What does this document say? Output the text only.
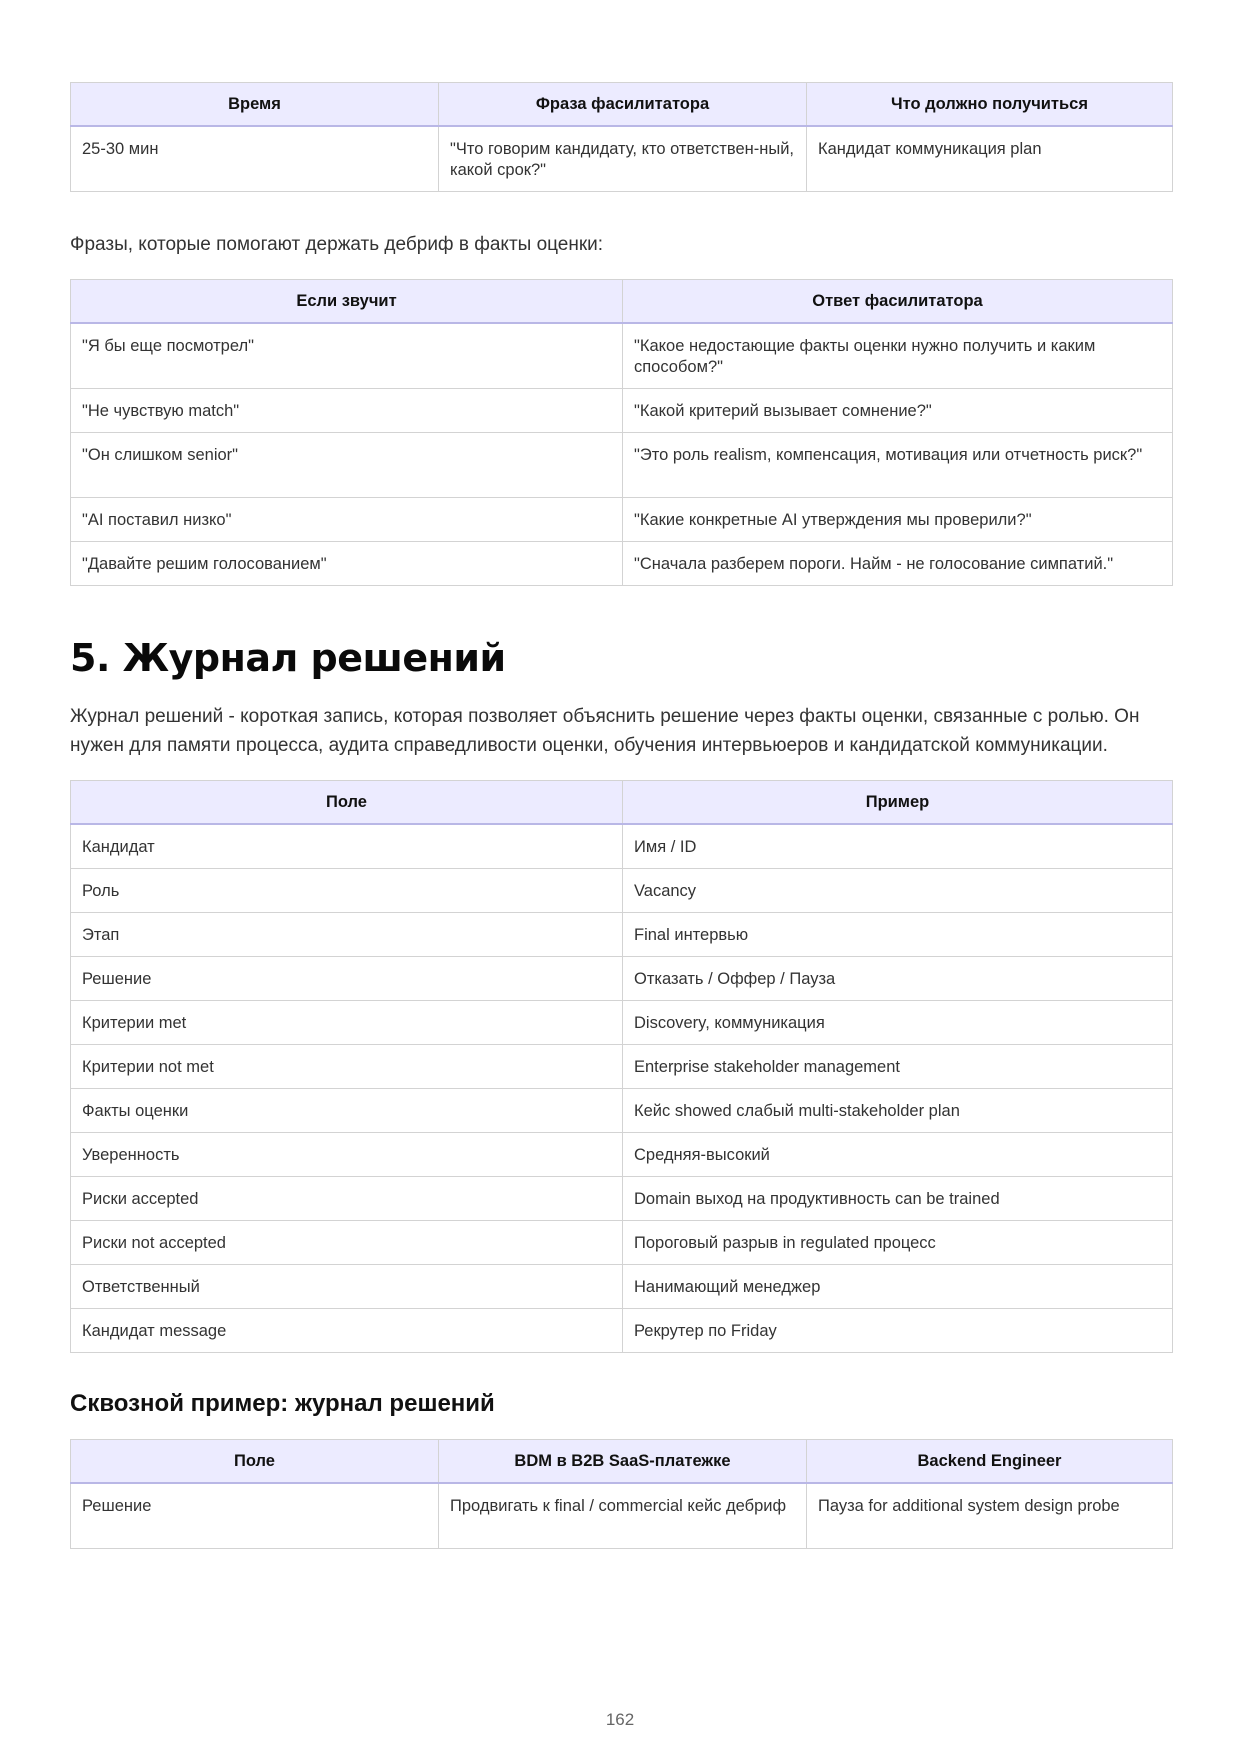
Время	Фраза фасилитатора	Что должно получиться
25-30 мин	"Что говорим кандидату, кто ответствен-ный, какой срок?"	Кандидат коммуникация plan

Фразы, которые помогают держать дебриф в факты оценки:

Если звучит	Ответ фасилитатора
"Я бы еще посмотрел"	"Какое недостающие факты оценки нужно получить и каким способом?"
"Не чувствую match"	"Какой критерий вызывает сомнение?"
"Он слишком senior"	"Это роль realism, компенсация, мотивация или отчетность риск?"
"AI поставил низко"	"Какие конкретные AI утверждения мы проверили?"
"Давайте решим голосованием"	"Сначала разберем пороги. Найм - не голосование симпатий."
5. Журнал решений

Журнал решений - короткая запись, которая позволяет объяснить решение через факты оценки, связанные с ролью. Он нужен для памяти процесса, аудита справедливости оценки, обучения интервьюеров и кандидатской коммуникации.

Поле	Пример
Кандидат	Имя / ID
Роль	Vacancy
Этап	Final интервью
Решение	Отказать / Оффер / Пауза
Критерии met	Discovery, коммуникация
Критерии not met	Enterprise stakeholder management
Факты оценки	Кейс showed слабый multi-stakeholder plan
Уверенность	Средняя-высокий
Риски accepted	Domain выход на продуктивность can be trained
Риски not accepted	Пороговый разрыв in regulated процесс
Ответственный	Нанимающий менеджер
Кандидат message	Рекрутер по Friday
Сквозной пример: журнал решений
Поле	BDM в B2B SaaS-платежке	Backend Engineer
Решение	Продвигать к final / commercial кейс дебриф	Пауза for additional system design probe
162
